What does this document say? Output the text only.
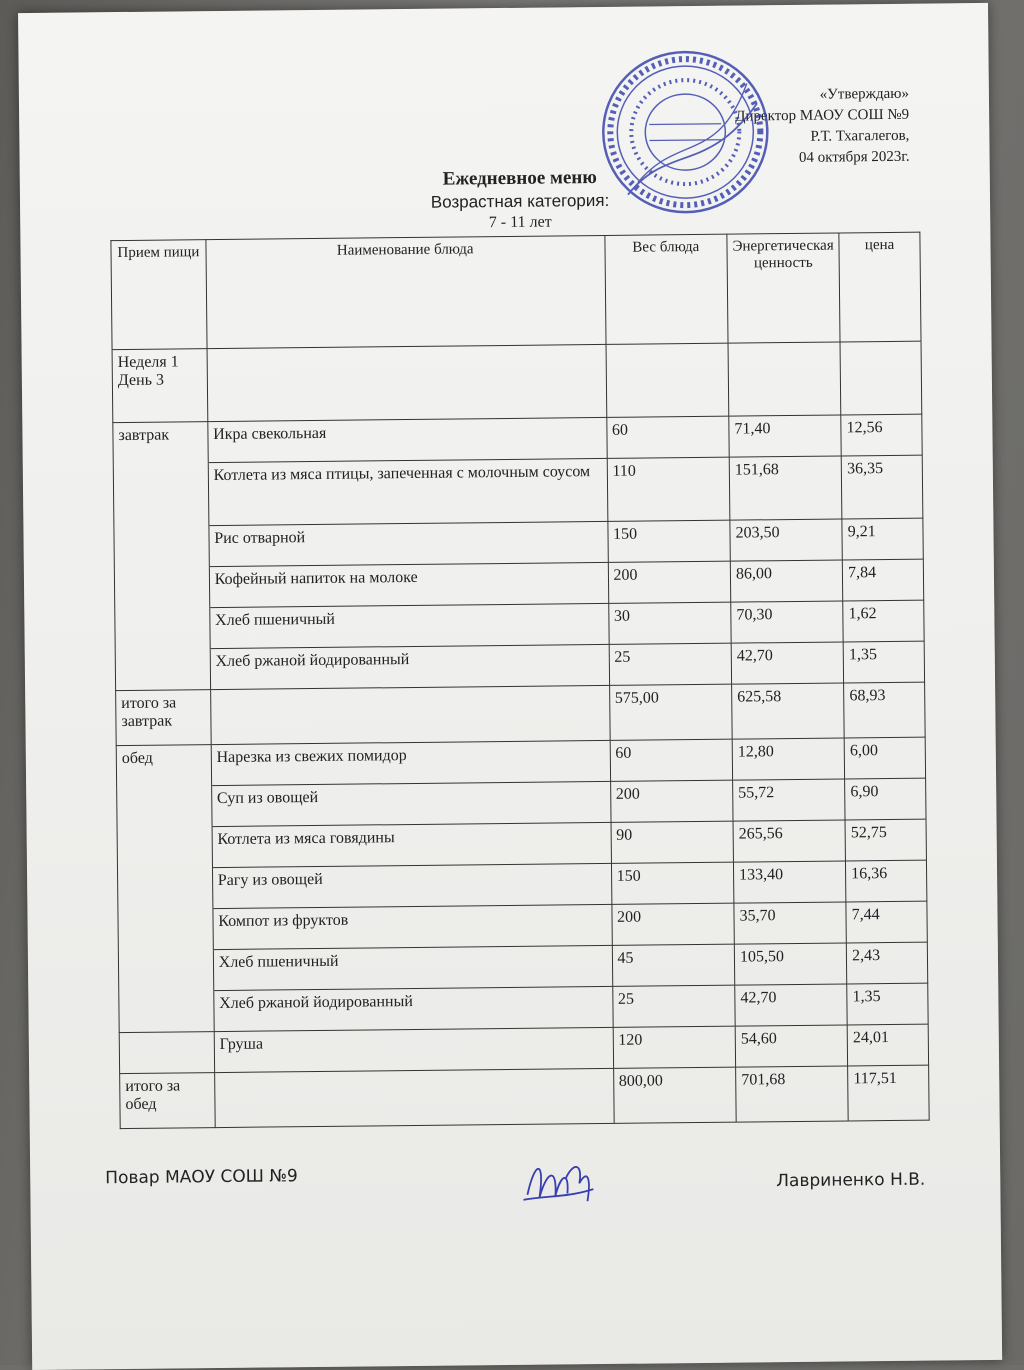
«Утверждаю»
Директор МАОУ СОШ №9
Р.Т. Тхагалегов,
04 октября 2023г.
Ежедневное меню
Возрастная категория:
7 - 11 лет
Прием пищи	Наименование блюда	Вес блюда	Энергетическая ценность	цена
Неделя 1 День 3				
завтрак	Икра свекольная	60	71,40	12,56
	Котлета из мяса птицы, запеченная с молочным соусом	110	151,68	36,35
	Рис отварной	150	203,50	9,21
	Кофейный напиток на молоке	200	86,00	7,84
	Хлеб пшеничный	30	70,30	1,62
	Хлеб ржаной йодированный	25	42,70	1,35
итого за завтрак		575,00	625,58	68,93
обед	Нарезка из свежих помидор	60	12,80	6,00
	Суп из овощей	200	55,72	6,90
	Котлета из мяса говядины	90	265,56	52,75
	Рагу из овощей	150	133,40	16,36
	Компот из фруктов	200	35,70	7,44
	Хлеб пшеничный	45	105,50	2,43
	Хлеб ржаной йодированный	25	42,70	1,35
	Груша	120	54,60	24,01
итого за обед		800,00	701,68	117,51
Повар МАОУ СОШ №9	Лавриненко Н.В.
